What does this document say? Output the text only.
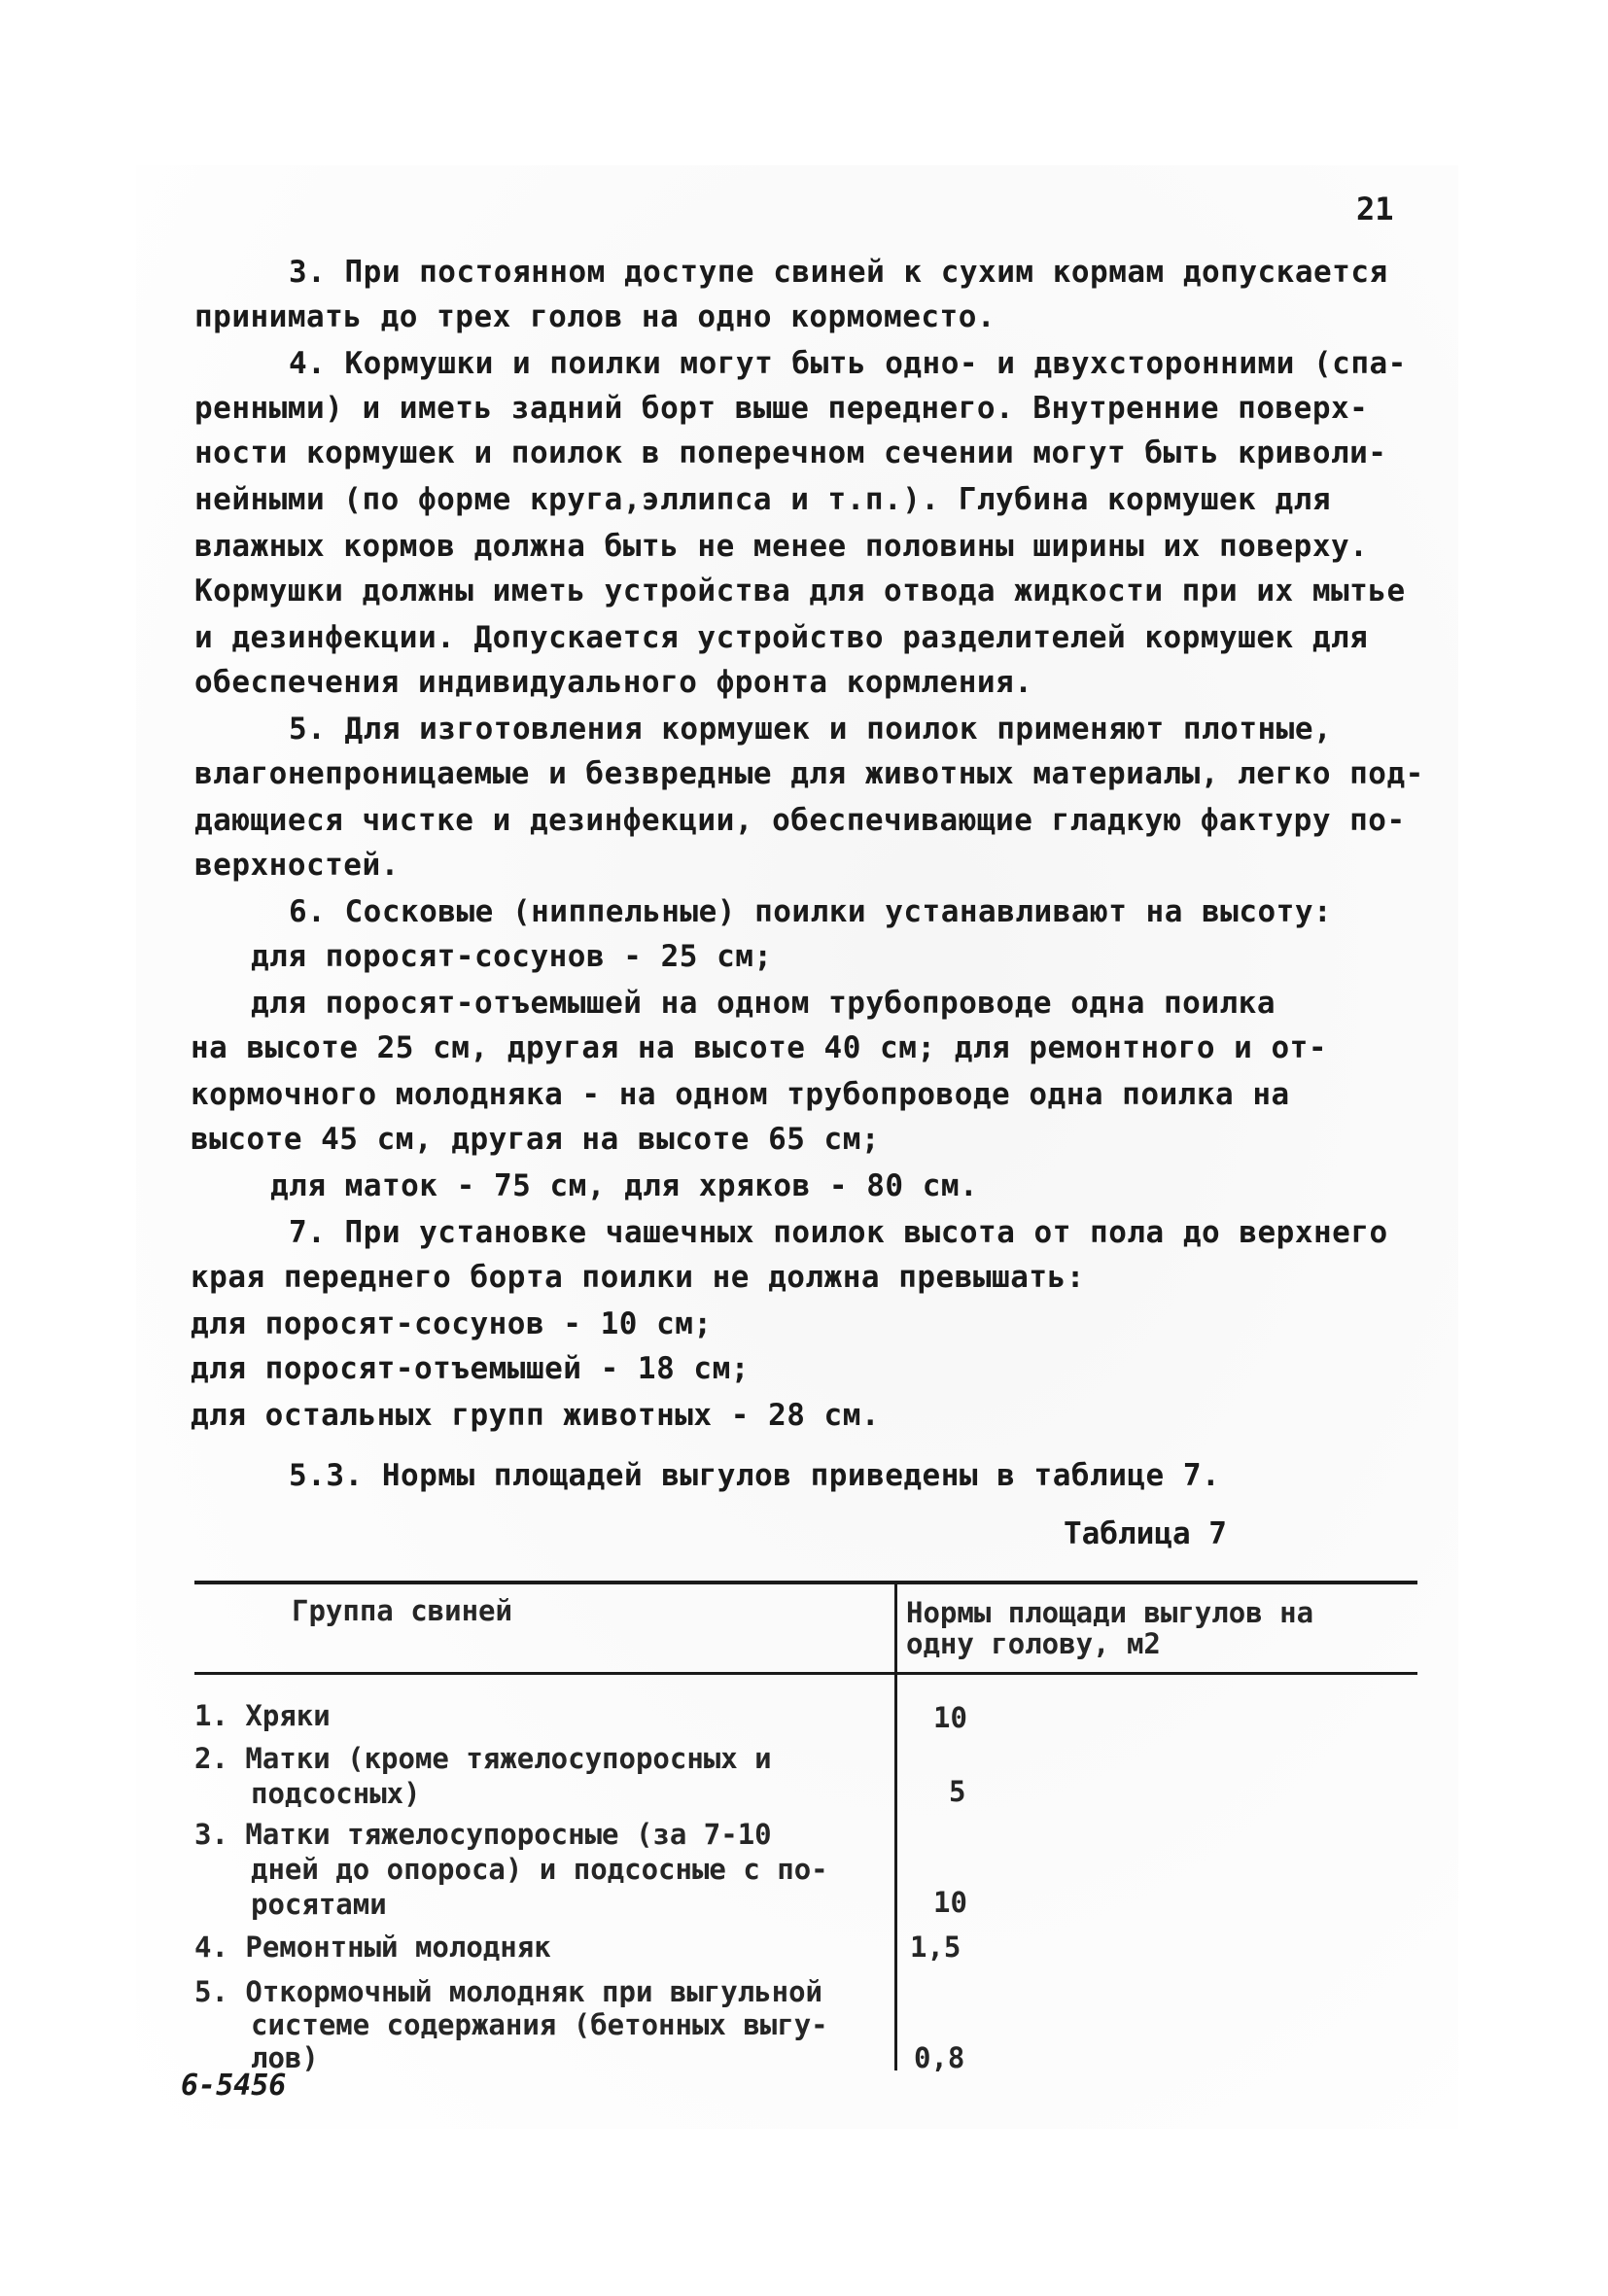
21
3. При постоянном доступе свиней к сухим кормам допускается
принимать до трех голов на одно кормоместо.
4. Кормушки и поилки могут быть одно- и двухсторонними (спа-
ренными) и иметь задний борт выше переднего. Внутренние поверх-
ности кормушек и поилок в поперечном сечении могут быть криволи-
нейными (по форме круга,эллипса и т.п.). Глубина кормушек для
влажных кормов должна быть не менее половины ширины их поверху.
Кормушки должны иметь устройства для отвода жидкости при их мытье
и дезинфекции. Допускается устройство разделителей кормушек для
обеспечения индивидуального фронта кормления.
5. Для изготовления кормушек и поилок применяют плотные,
влагонепроницаемые и безвредные для животных материалы, легко под-
дающиеся чистке и дезинфекции, обеспечивающие гладкую фактуру по-
верхностей.
6. Сосковые (ниппельные) поилки устанавливают на высоту:
для поросят-сосунов - 25 см;
для поросят-отъемышей на одном трубопроводе одна поилка
на высоте 25 см, другая на высоте 40 см; для ремонтного и от-
кормочного молодняка - на одном трубопроводе одна поилка на
высоте 45 см, другая на высоте 65 см;
для маток - 75 см, для хряков - 80 см.
7. При установке чашечных поилок высота от пола до верхнего
края переднего борта поилки не должна превышать:
для поросят-сосунов - 10 см;
для поросят-отъемышей - 18 см;
для остальных групп животных - 28 см.
5.3. Нормы площадей выгулов приведены в таблице 7.
Таблица 7
Группа свиней	Нормы площади выгулов на
одну голову, м2
1. Хряки	10
2. Матки (кроме тяжелосупоросных и
подсосных)	5
3. Матки тяжелосупоросные (за 7-10
дней до опороса) и подсосные с по-
росятами	10
4. Ремонтный молодняк	1,5
5. Откормочный молодняк при выгульной
системе содержания (бетонных выгу-
лов)	0,8
6-5456
